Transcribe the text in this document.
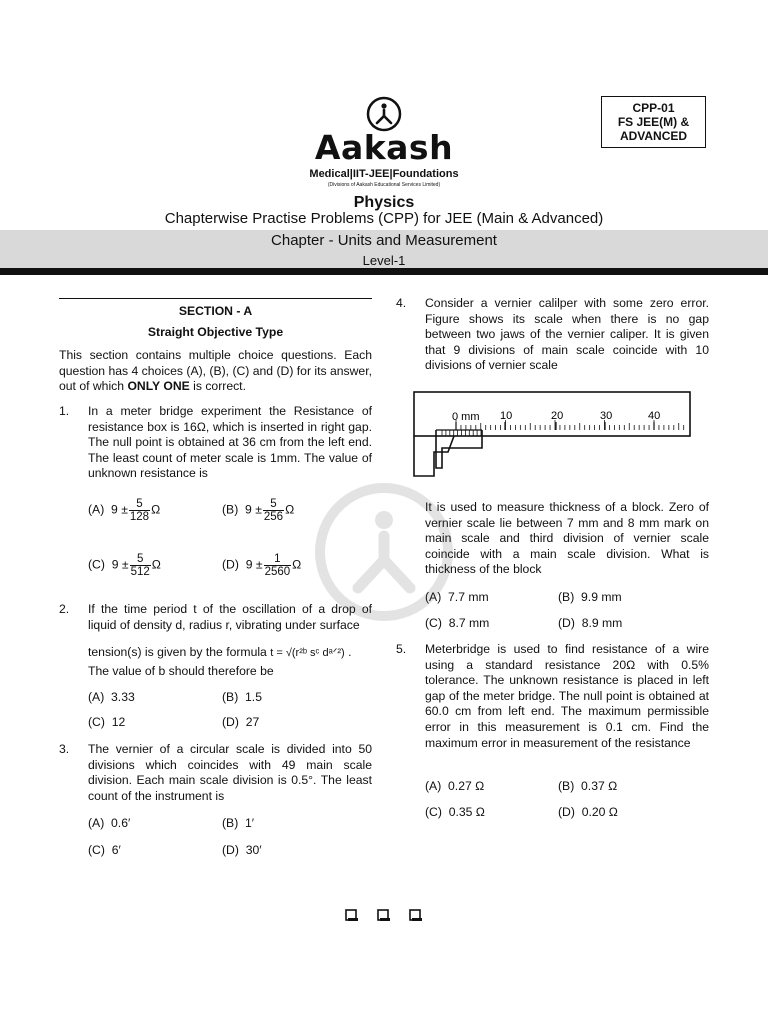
Aakash
Medical|IIT-JEE|Foundations
(Divisions of Aakash Educational Services Limited)
CPP-01
FS JEE(M) &
ADVANCED
Physics
Chapterwise Practise Problems (CPP) for JEE (Main & Advanced)
Chapter - Units and Measurement
Level-1
SECTION - A
Straight Objective Type
This section contains multiple choice questions. Each question has 4 choices (A), (B), (C) and (D) for its answer, out of which ONLY ONE is correct.
1. In a meter bridge experiment the Resistance of resistance box is 16Ω, which is inserted in right gap. The null point is obtained at 36 cm from the left end. The least count of meter scale is 1mm. The value of unknown resistance is
(A) $9 \pm \frac{5}{128}$ Ω	(B) $9 \pm \frac{5}{256}$ Ω
(C) $9 \pm \frac{5}{512}$ Ω	(D) $9 \pm \frac{1}{2560}$ Ω
2. If the time period t of the oscillation of a drop of liquid of density d, radius r, vibrating under surface
tension(s) is given by the formula t = √(r²ᵇ sᶜ dᵃᐟ²) .
The value of b should therefore be
(A) 3.33	(B) 1.5
(C) 12	(D) 27
3. The vernier of a circular scale is divided into 50 divisions which coincides with 49 main scale division. Each main scale division is 0.5°. The least count of the instrument is
(A) 0.6′	(B) 1′
(C) 6′	(D) 30′
4. Consider a vernier calilper with some zero error. Figure shows its scale when there is no gap between two jaws of the vernier caliper. It is given that 9 divisions of main scale coincide with 10 divisions of vernier scale
0 mm 10	20	30	40
It is used to measure thickness of a block. Zero of vernier scale lie between 7 mm and 8 mm mark on main scale and third division of vernier scale coincide with a main scale division. What is thickness of the block
(A) 7.7 mm	(B) 9.9 mm
(C) 8.7 mm	(D) 8.9 mm
5. Meterbridge is used to find resistance of a wire using a standard resistance 20Ω with 0.5% tolerance. The unknown resistance is placed in left gap of the meter bridge. The null point is obtained at 60.0 cm from left end. The maximum permissible error in this measurement is 0.1 cm. Find the maximum error in measurement of the resistance
(A) 0.27 Ω	(B) 0.37 Ω
(C) 0.35 Ω	(D) 0.20 Ω
